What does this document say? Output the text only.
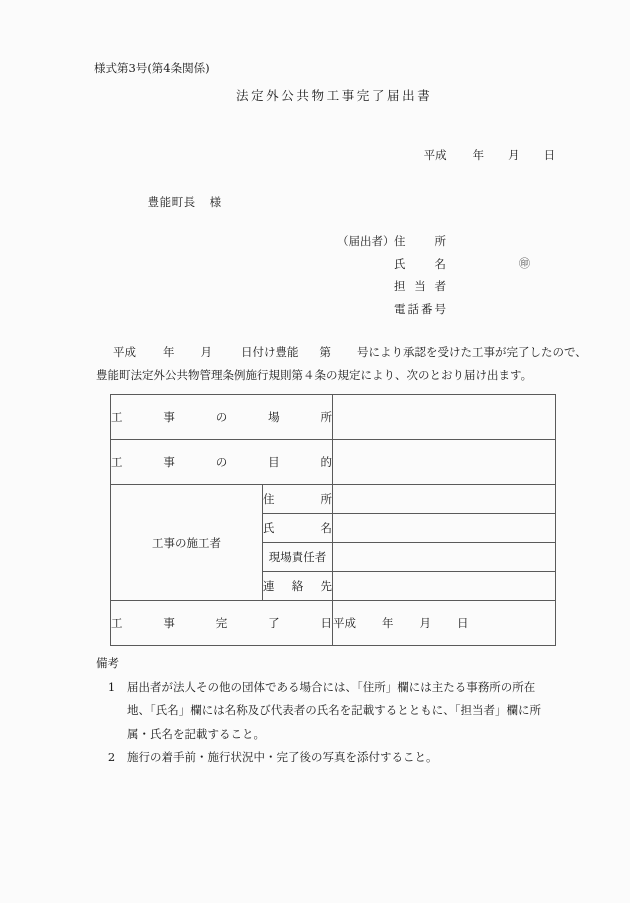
様式第3号(第4条関係)
法定外公共物工事完了届出書

平成 年 月 日

豊能町長 様

（届出者）住所
氏名	㊞
担当者
電話番号
平成 年 月	日付け豊能 第 号により承認を受けた工事が完了したので、
豊能町法定外公共物管理条例施行規則第４条の規定により、次のとおり届け出ます。
工事の場所		
工事の目的		
工事の施工者	住所	
	氏名	
	現場責任者	
	連絡先	
工事完了日		平成 年 月 日
備考
1 届出者が法人その他の団体である場合には、「住所」欄には主たる事務所の所在
地、「氏名」欄には名称及び代表者の氏名を記載するとともに、「担当者」欄に所
属・氏名を記載すること。
2 施行の着手前・施行状況中・完了後の写真を添付すること。
